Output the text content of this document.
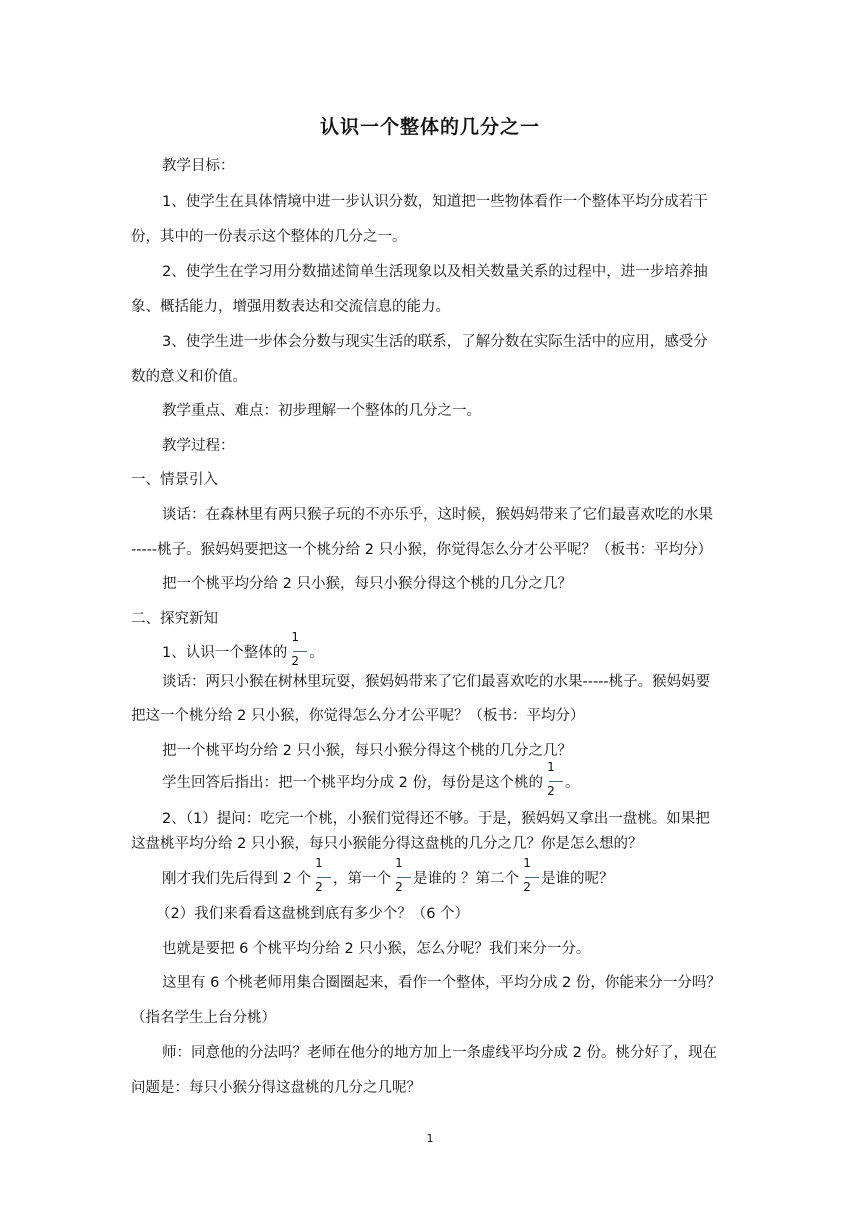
认识一个整体的几分之一
教学目标：
1、使学生在具体情境中进一步认识分数，知道把一些物体看作一个整体平均分成若干
份，其中的一份表示这个整体的几分之一。
2、使学生在学习用分数描述简单生活现象以及相关数量关系的过程中，进一步培养抽
象、概括能力，增强用数表达和交流信息的能力。
3、使学生进一步体会分数与现实生活的联系，了解分数在实际生活中的应用，感受分
数的意义和价值。
教学重点、难点：初步理解一个整体的几分之一。
教学过程：
一、情景引入
谈话：在森林里有两只猴子玩的不亦乐乎，这时候，猴妈妈带来了它们最喜欢吃的水果
-----桃子。猴妈妈要把这一个桃分给 2 只小猴，你觉得怎么分才公平呢？（板书：平均分）
把一个桃平均分给 2 只小猴，每只小猴分得这个桃的几分之几？
二、探究新知
1、认识一个整体的 $\frac{1}{2}$ 。
谈话：两只小猴在树林里玩耍，猴妈妈带来了它们最喜欢吃的水果-----桃子。猴妈妈要
把这一个桃分给 2 只小猴，你觉得怎么分才公平呢？（板书：平均分）
把一个桃平均分给 2 只小猴，每只小猴分得这个桃的几分之几？
学生回答后指出：把一个桃平均分成 2 份，每份是这个桃的 $\frac{1}{2}$ 。
2、（1）提问：吃完一个桃，小猴们觉得还不够。于是，猴妈妈又拿出一盘桃。如果把
这盘桃平均分给 2 只小猴，每只小猴能分得这盘桃的几分之几？你是怎么想的？
刚才我们先后得到 2 个 $\frac{1}{2}$ ，第一个 $\frac{1}{2}$ 是谁的 ？第二个 $\frac{1}{2}$ 是谁的呢？
（2）我们来看看这盘桃到底有多少个？（6 个）
也就是要把 6 个桃平均分给 2 只小猴，怎么分呢？我们来分一分。
这里有 6 个桃老师用集合圈圈起来，看作一个整体，平均分成 2 份，你能来分一分吗？
（指名学生上台分桃）
师：同意他的分法吗？老师在他分的地方加上一条虚线平均分成 2 份。桃分好了，现在
问题是：每只小猴分得这盘桃的几分之几呢？
1
